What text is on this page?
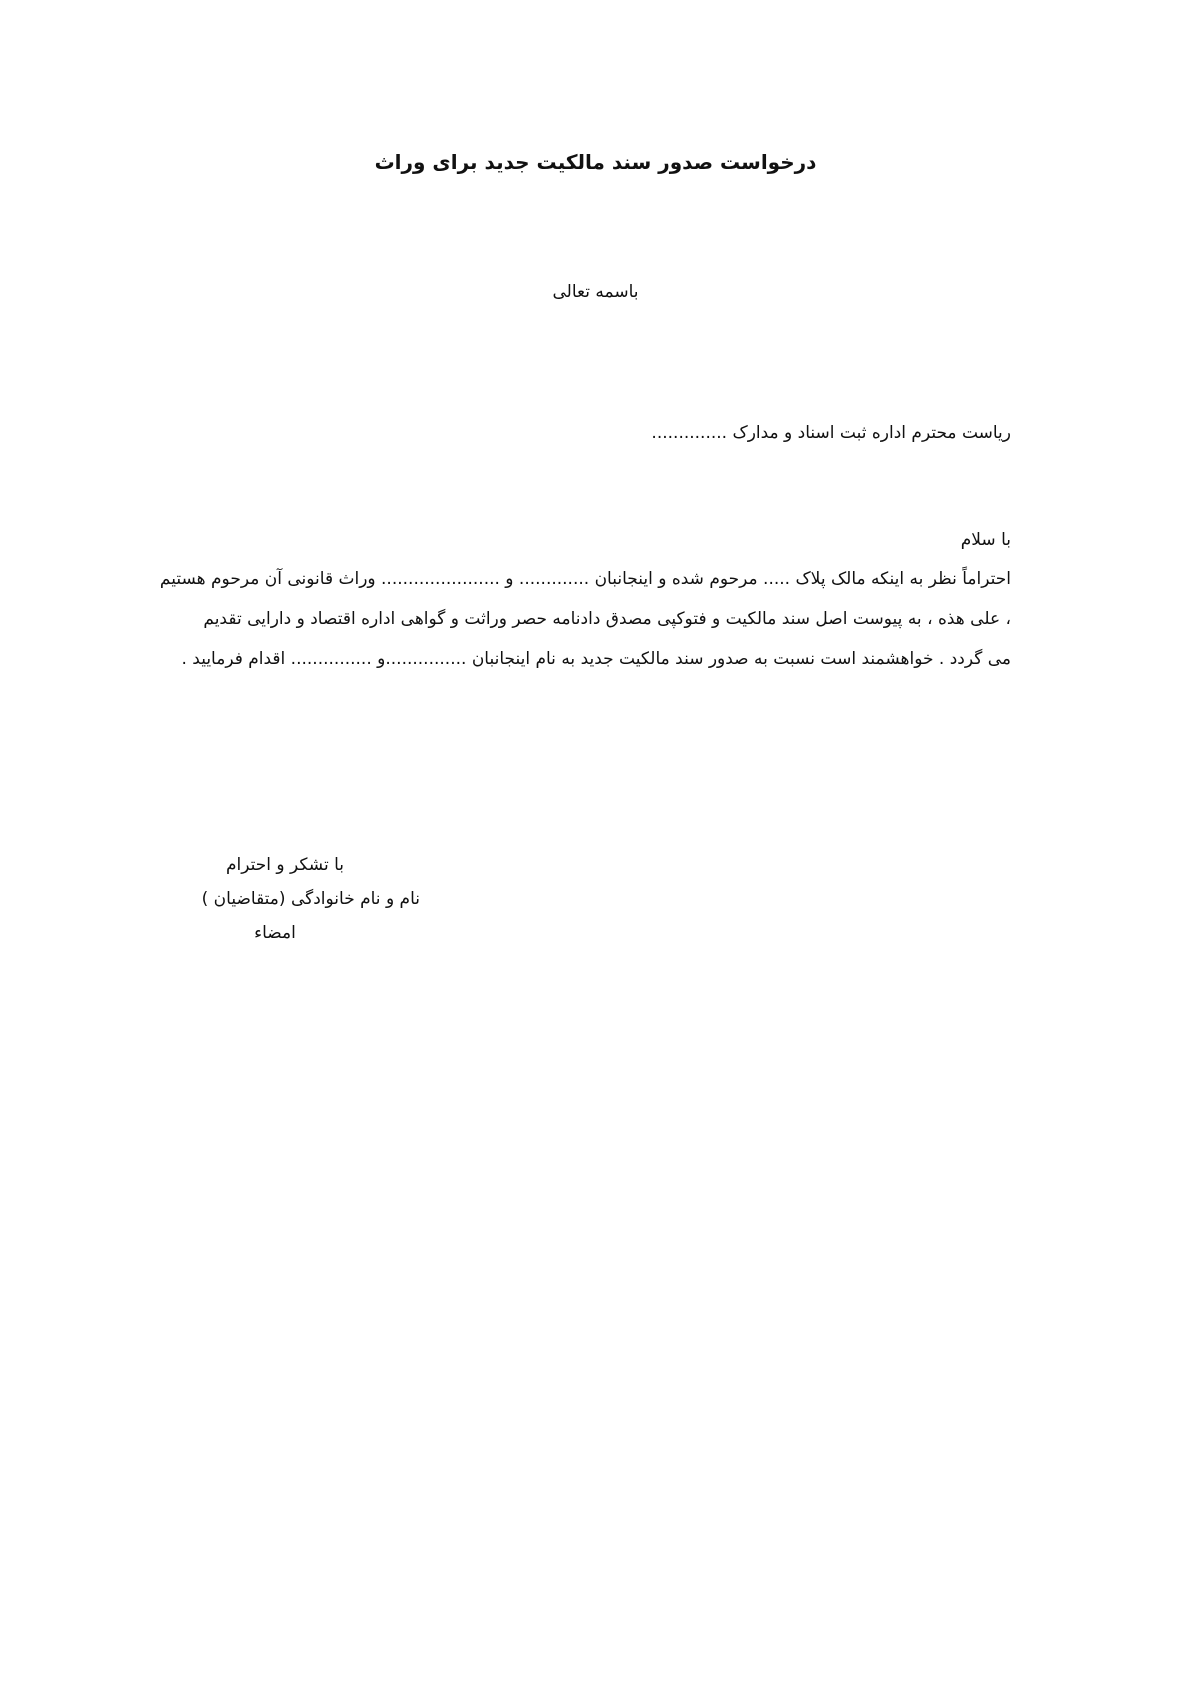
درخواست صدور سند مالکیت جدید برای وراث
باسمه تعالی
ریاست محترم اداره ثبت اسناد و مدارک ..............
با سلام
احتراماً نظر به اینکه مالک پلاک ..... مرحوم شده و اینجانبان ............. و ...................... وراث قانونی آن مرحوم هستیم
، علی هذه ، به پیوست اصل سند مالکیت و فتوکپی مصدق دادنامه حصر وراثت و گواهی اداره اقتصاد و دارایی تقدیم
می گردد . خواهشمند است نسبت به صدور سند مالکیت جدید به نام اینجانبان ...............و ............... اقدام فرمایید .
با تشکر و احترام
نام و نام خانوادگی (متقاضیان )
امضاء
